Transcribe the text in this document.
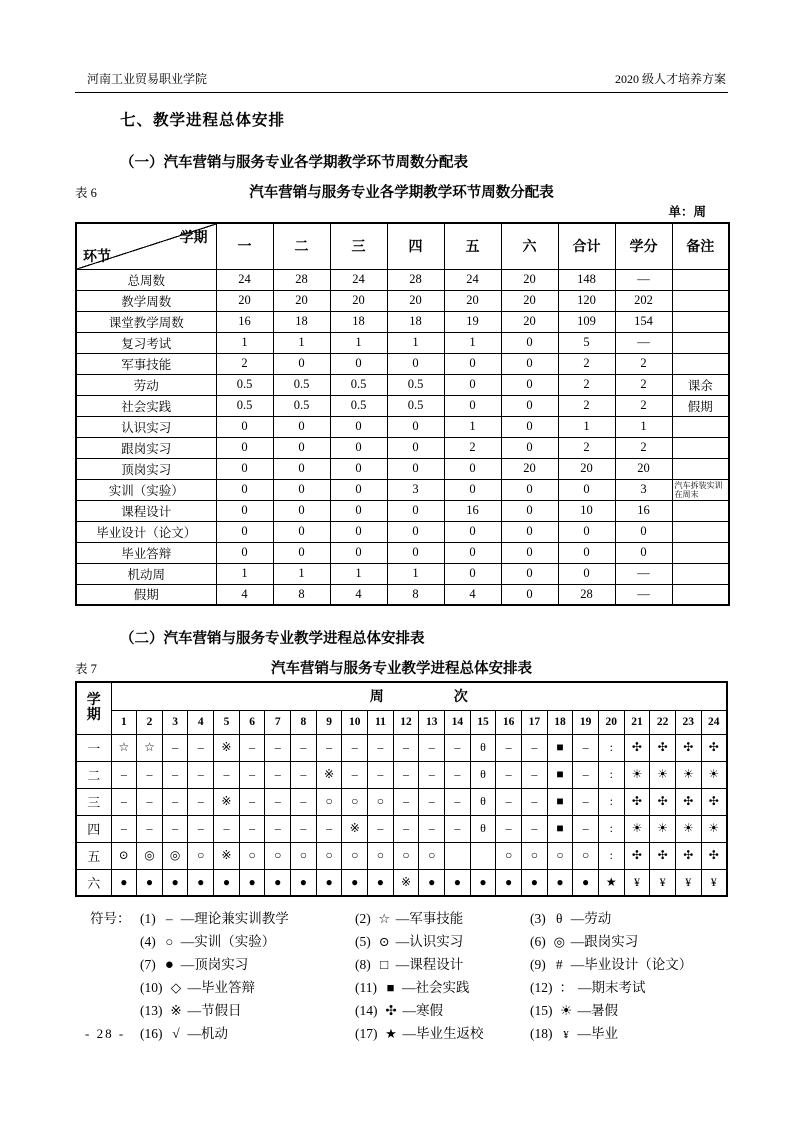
河南工业贸易职业学院	2020 级人才培养方案
七、教学进程总体安排
（一）汽车营销与服务专业各学期教学环节周数分配表
表 6	汽车营销与服务专业各学期教学环节周数分配表
单：周
学期
环节	一	二	三	四	五	六	合计	学分	备注
总周数	24	28	24	28	24	20	148	—	
教学周数	20	20	20	20	20	20	120	202	
课堂教学周数	16	18	18	18	19	20	109	154	
复习考试	1	1	1	1	1	0	5	—	
军事技能	2	0	0	0	0	0	2	2	
劳动	0.5	0.5	0.5	0.5	0	0	2	2	课余
社会实践	0.5	0.5	0.5	0.5	0	0	2	2	假期
认识实习	0	0	0	0	1	0	1	1	
跟岗实习	0	0	0	0	2	0	2	2	
顶岗实习	0	0	0	0	0	20	20	20	
实训（实验）	0	0	0	3	0	0	0	3	汽车拆装实训在周末
课程设计	0	0	0	0	16	0	10	16	
毕业设计（论文）	0	0	0	0	0	0	0	0	
毕业答辩	0	0	0	0	0	0	0	0	
机动周	1	1	1	1	0	0	0	—	
假期	4	8	4	8	4	0	28	—	
（二）汽车营销与服务专业教学进程总体安排表
表 7	汽车营销与服务专业教学进程总体安排表
学
期	周 次																							
	1	2	3	4	5	6	7	8	9	10	11	12	13	14	15	16	17	18	19	20	21	22	23	24
一	☆	☆	–	–	※	–	–	–	–	–	–	–	–	–	θ	–	–	■	–	:	✣	✣	✣	✣
二	–	–	–	–	–	–	–	–	※	–	–	–	–	–	θ	–	–	■	–	:	☀	☀	☀	☀
三	–	–	–	–	※	–	–	–	○	○	○	–	–	–	θ	–	–	■	–	:	✣	✣	✣	✣
四	–	–	–	–	–	–	–	–	–	※	–	–	–	–	θ	–	–	■	–	:	☀	☀	☀	☀
五	⊙	◎	◎	○	※	○	○	○	○	○	○	○	○			○	○	○	○	:	✣	✣	✣	✣
六	●	●	●	●	●	●	●	●	●	●	●	※	●	●	●	●	●	●	●	★	¥	¥	¥	¥
符号： (1) – —理论兼实训教学	(2) ☆ —军事技能	(3) θ —劳动
(4) ○ —实训（实验）	(5) ⊙ —认识实习	(6) ◎ —跟岗实习
(7) ● —顶岗实习	(8) □ —课程设计	(9) # —毕业设计（论文）
(10) ◇ —毕业答辩	(11) ■ —社会实践	(12) ： —期末考试
(13) ※ —节假日	(14) ✣ —寒假	(15) ☀ —暑假
(16) √ —机动	(17) ★ —毕业生返校	(18) ¥ —毕业
- 28 -
